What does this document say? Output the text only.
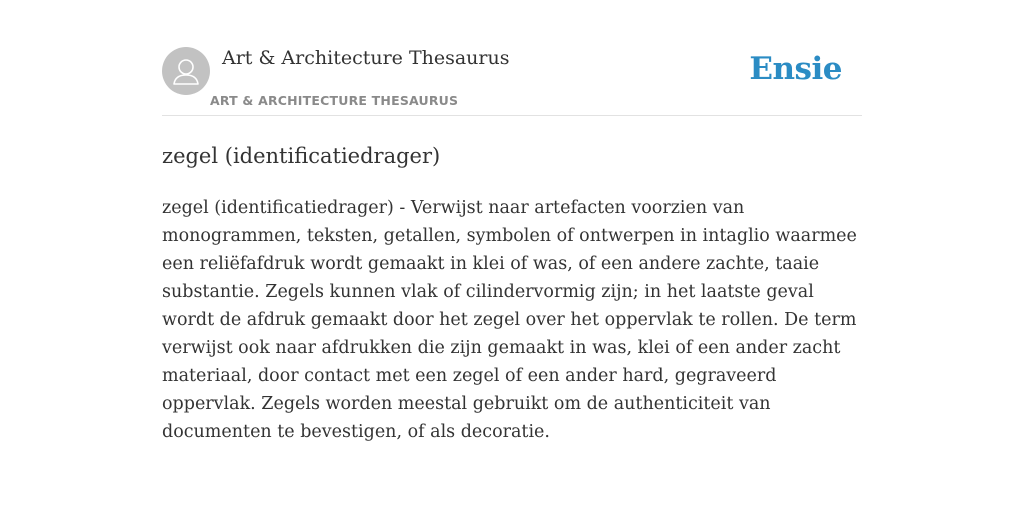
Art & Architecture Thesaurus
ART & ARCHITECTURE THESAURUS
Ensie
zegel (identificatiedrager)

zegel (identificatiedrager) - Verwijst naar artefacten voorzien van monogrammen, teksten, getallen, symbolen of ontwerpen in intaglio waarmee een reliëfafdruk wordt gemaakt in klei of was, of een andere zachte, taaie substantie. Zegels kunnen vlak of cilindervormig zijn; in het laatste geval wordt de afdruk gemaakt door het zegel over het oppervlak te rollen. De term verwijst ook naar afdrukken die zijn gemaakt in was, klei of een ander zacht materiaal, door contact met een zegel of een ander hard, gegraveerd oppervlak. Zegels worden meestal gebruikt om de authenticiteit van documenten te bevestigen, of als decoratie.
